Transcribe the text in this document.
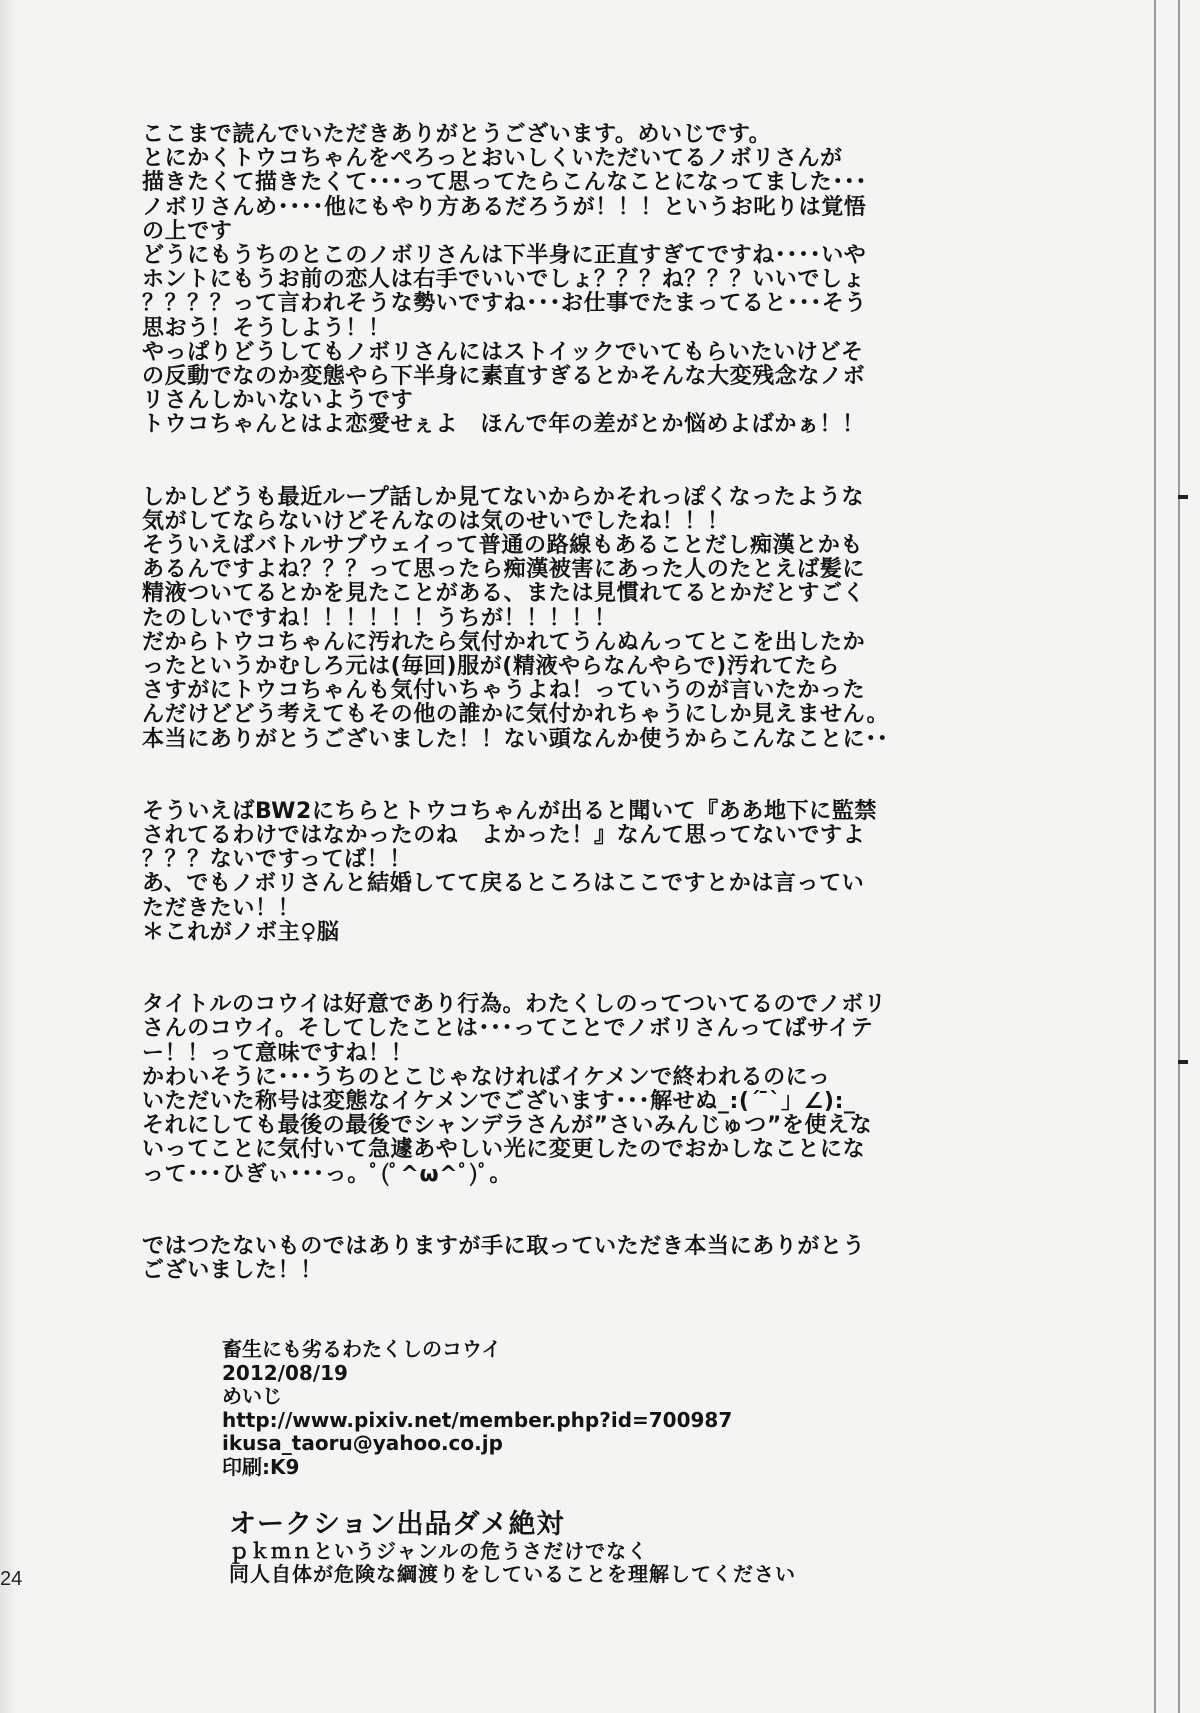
ここまで読んでいただきありがとうございます。めいじです。
とにかくトウコちゃんをぺろっとおいしくいただいてるノボリさんが
描きたくて描きたくて･･･って思ってたらこんなことになってました･･･
ノボリさんめ････他にもやり方あるだろうが！！！というお叱りは覚悟
の上です
どうにもうちのとこのノボリさんは下半身に正直すぎてですね････いや
ホントにもうお前の恋人は右手でいいでしょ？？？ね？？？いいでしょ
？？？？って言われそうな勢いですね･･･お仕事でたまってると･･･そう
思おう！そうしよう！！
やっぱりどうしてもノボリさんにはストイックでいてもらいたいけどそ
の反動でなのか変態やら下半身に素直すぎるとかそんな大変残念なノボ
リさんしかいないようです
トウコちゃんとはよ恋愛せぇよ　ほんで年の差がとか悩めよばかぁ！！
しかしどうも最近ループ話しか見てないからかそれっぽくなったような
気がしてならないけどそんなのは気のせいでしたね！！！
そういえばバトルサブウェイって普通の路線もあることだし痴漢とかも
あるんですよね？？？って思ったら痴漢被害にあった人のたとえば髪に
精液ついてるとかを見たことがある、または見慣れてるとかだとすごく
たのしいですね！！！！！！うちが！！！！！
だからトウコちゃんに汚れたら気付かれてうんぬんってとこを出したか
ったというかむしろ元は(毎回)服が(精液やらなんやらで)汚れてたら
さすがにトウコちゃんも気付いちゃうよね！っていうのが言いたかった
んだけどどう考えてもその他の誰かに気付かれちゃうにしか見えません。
本当にありがとうございました！！ない頭なんか使うからこんなことに･･
そういえばBW2にちらとトウコちゃんが出ると聞いて『ああ地下に監禁
されてるわけではなかったのね　よかった！』なんて思ってないですよ
？？？ないですってば！！
あ、でもノボリさんと結婚してて戻るところはここですとかは言ってい
ただきたい！！
＊これがノボ主♀脳
タイトルのコウイは好意であり行為。わたくしのってついてるのでノボリ
さんのコウイ。そしてしたことは･･･ってことでノボリさんってばサイテ
ー！！って意味ですね！！
かわいそうに･･･うちのとこじゃなければイケメンで終われるのにっ
いただいた称号は変態なイケメンでございます･･･解せぬ_:(´ ̄`」∠):_
それにしても最後の最後でシャンデラさんが”さいみんじゅつ”を使えな
いってことに気付いて急遽あやしい光に変更したのでおかしなことにな
って･･･ひぎぃ･･･っ。ﾟ(ﾟ^ω^ﾟ)ﾟ。
ではつたないものではありますが手に取っていただき本当にありがとう
ございました！！
畜生にも劣るわたくしのコウイ
2012/08/19
めいじ
http://www.pixiv.net/member.php?id=700987
ikusa_taoru@yahoo.co.jp
印刷:K9
オークション出品ダメ絶対
ｐｋｍｎというジャンルの危うさだけでなく
同人自体が危険な綱渡りをしていることを理解してください
24
